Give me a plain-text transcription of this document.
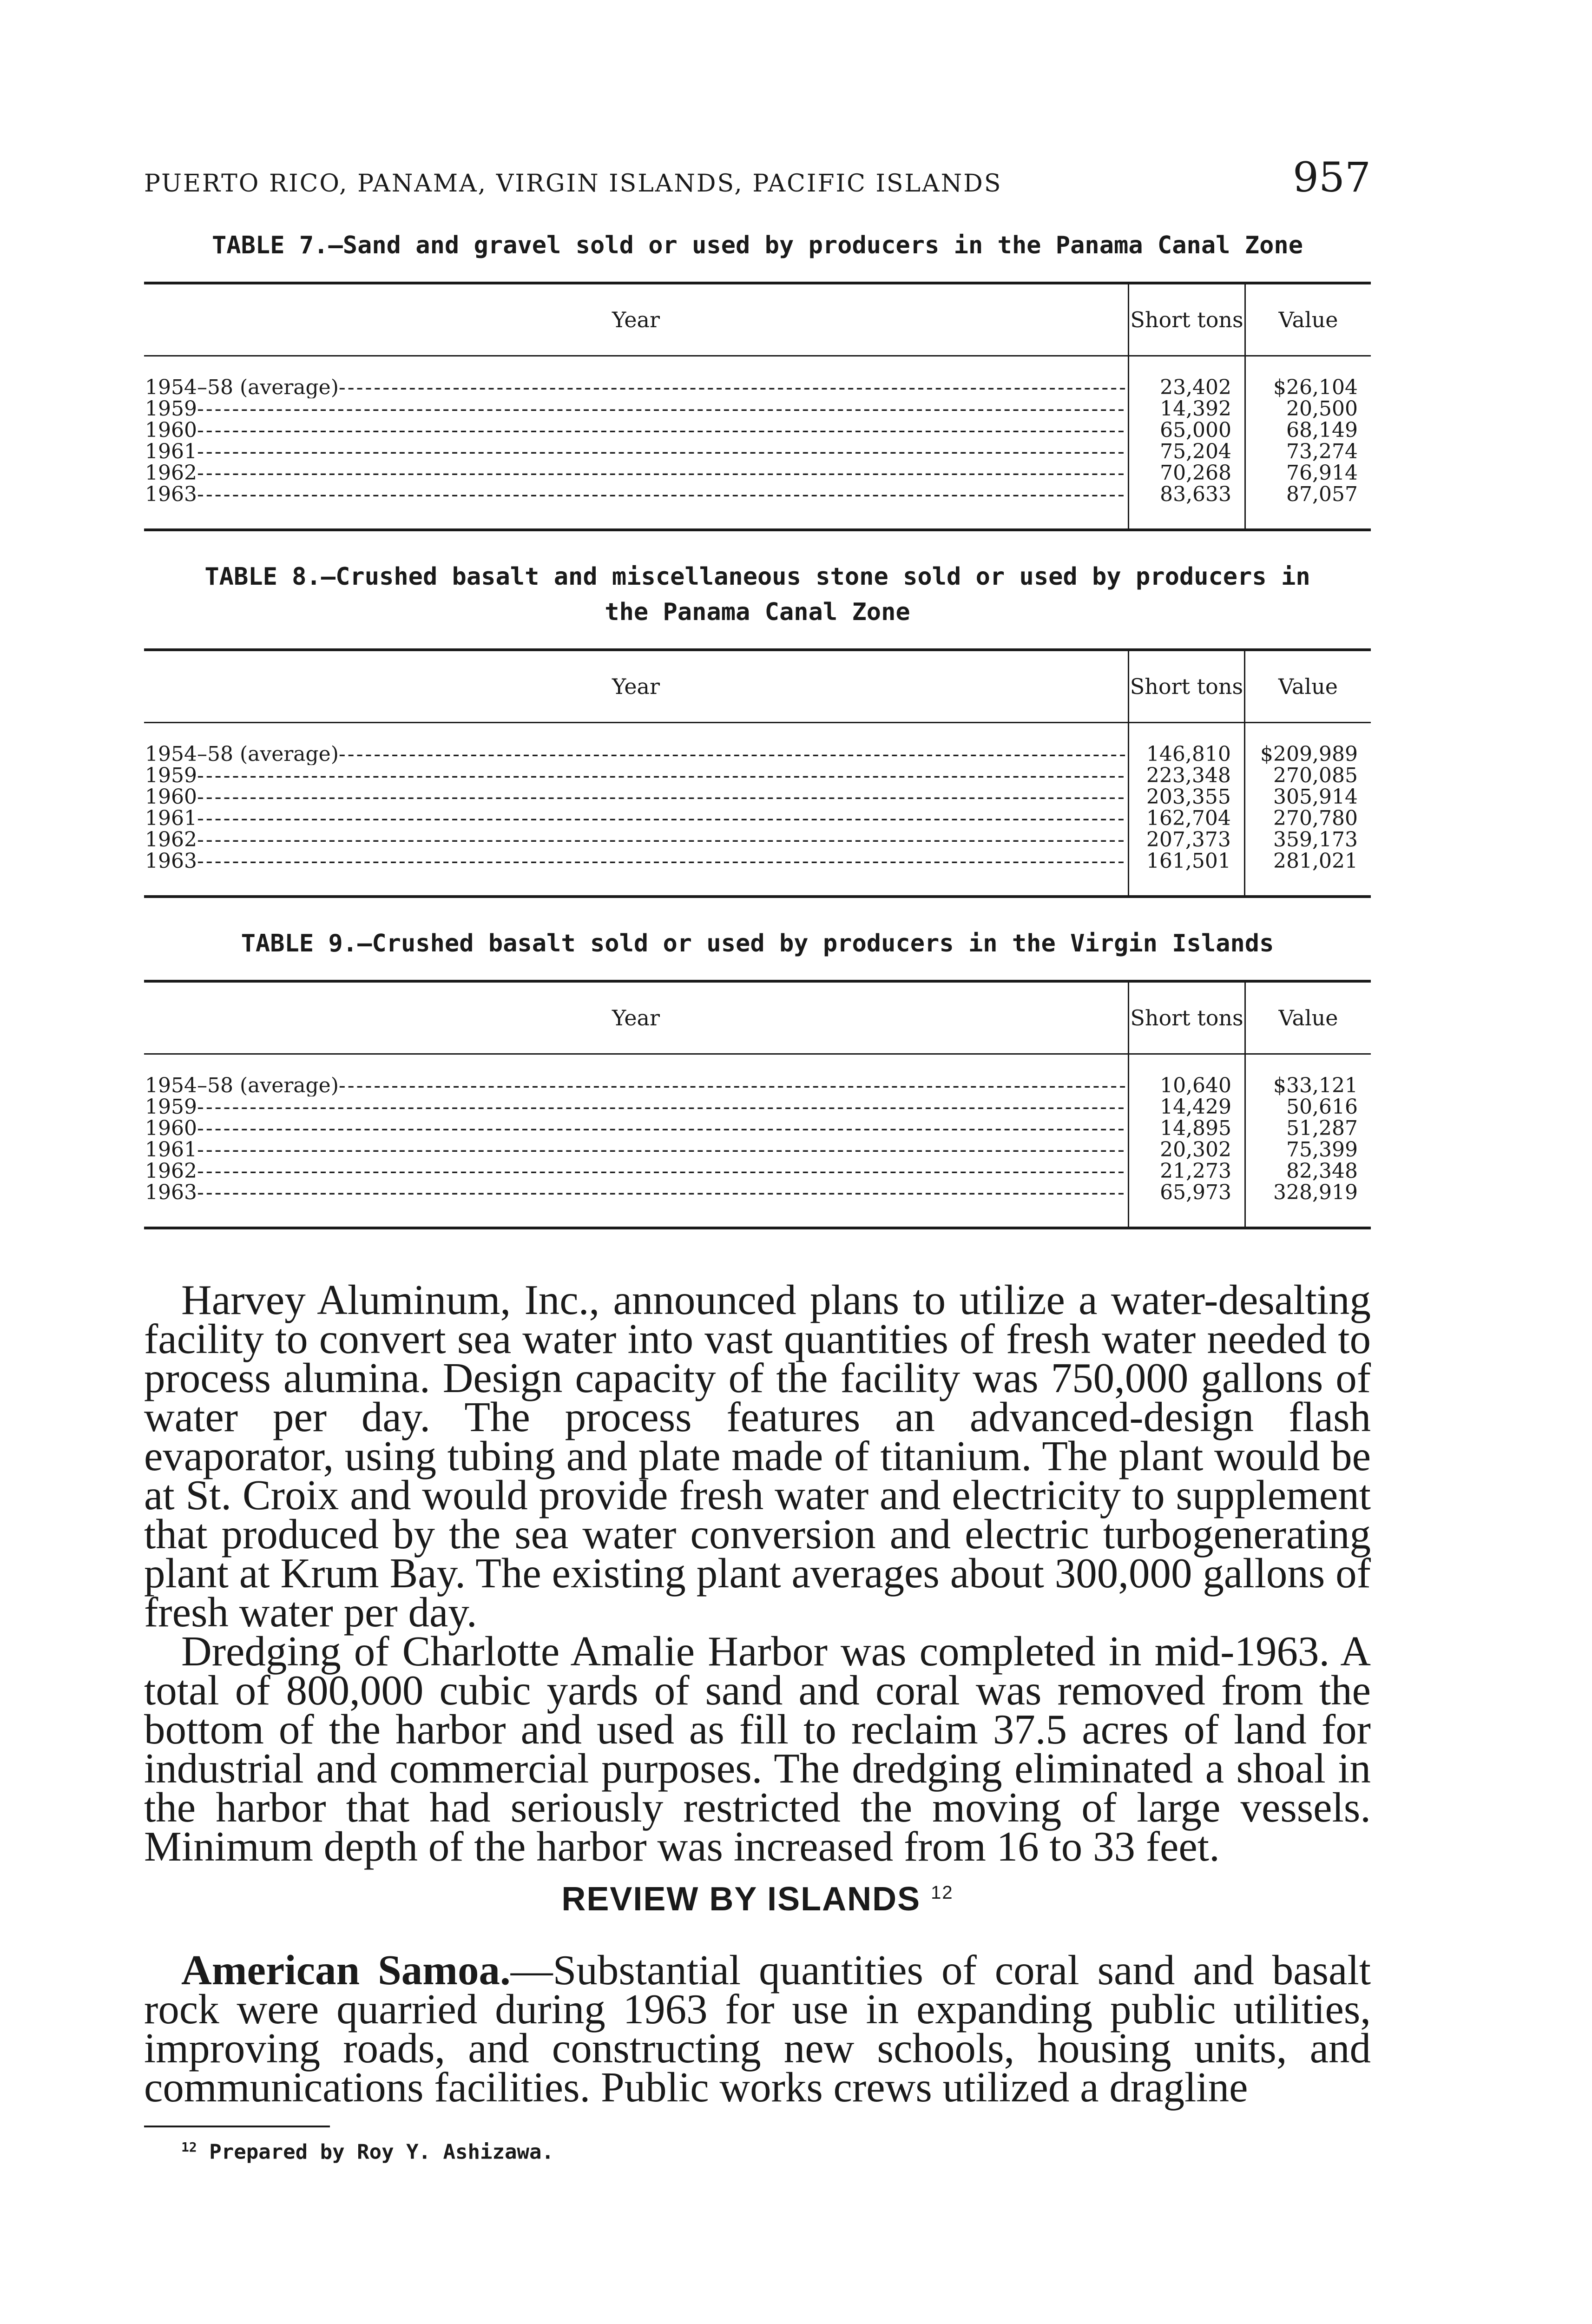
PUERTO RICO, PANAMA, VIRGIN ISLANDS, PACIFIC ISLANDS	957
TABLE 7.—Sand and gravel sold or used by producers in the Panama Canal Zone
Year	Short tons	Value
1954–58 (average)------------------------------------------------------------------------------------------	23,402	$26,104
1959----------------------------------------------------------------------------------------------------------	14,392	20,500
1960----------------------------------------------------------------------------------------------------------	65,000	68,149
1961----------------------------------------------------------------------------------------------------------	75,204	73,274
1962----------------------------------------------------------------------------------------------------------	70,268	76,914
1963----------------------------------------------------------------------------------------------------------	83,633	87,057
TABLE 8.—Crushed basalt and miscellaneous stone sold or used by producers in
the Panama Canal Zone
Year	Short tons	Value
1954–58 (average)------------------------------------------------------------------------------------------	146,810	$209,989
1959----------------------------------------------------------------------------------------------------------	223,348	270,085
1960----------------------------------------------------------------------------------------------------------	203,355	305,914
1961----------------------------------------------------------------------------------------------------------	162,704	270,780
1962----------------------------------------------------------------------------------------------------------	207,373	359,173
1963----------------------------------------------------------------------------------------------------------	161,501	281,021
TABLE 9.—Crushed basalt sold or used by producers in the Virgin Islands
Year	Short tons	Value
1954–58 (average)------------------------------------------------------------------------------------------	10,640	$33,121
1959----------------------------------------------------------------------------------------------------------	14,429	50,616
1960----------------------------------------------------------------------------------------------------------	14,895	51,287
1961----------------------------------------------------------------------------------------------------------	20,302	75,399
1962----------------------------------------------------------------------------------------------------------	21,273	82,348
1963----------------------------------------------------------------------------------------------------------	65,973	328,919

Harvey Aluminum, Inc., announced plans to utilize a water-desalting facility to convert sea water into vast quantities of fresh water needed to process alumina. Design capacity of the facility was 750,000 gallons of water per day. The process features an advanced-design flash evaporator, using tubing and plate made of titanium. The plant would be at St. Croix and would provide fresh water and electricity to supplement that produced by the sea water conversion and electric turbogenerating plant at Krum Bay. The existing plant averages about 300,000 gallons of fresh water per day.

Dredging of Charlotte Amalie Harbor was completed in mid-1963. A total of 800,000 cubic yards of sand and coral was removed from the bottom of the harbor and used as fill to reclaim 37.5 acres of land for industrial and commercial purposes. The dredging eliminated a shoal in the harbor that had seriously restricted the moving of large vessels. Minimum depth of the harbor was increased from 16 to 33 feet.

REVIEW BY ISLANDS $^{12}$

American Samoa.—Substantial quantities of coral sand and basalt rock were quarried during 1963 for use in expanding public utilities, improving roads, and constructing new schools, housing units, and communications facilities. Public works crews utilized a dragline

$^{12}$ Prepared by Roy Y. Ashizawa.
